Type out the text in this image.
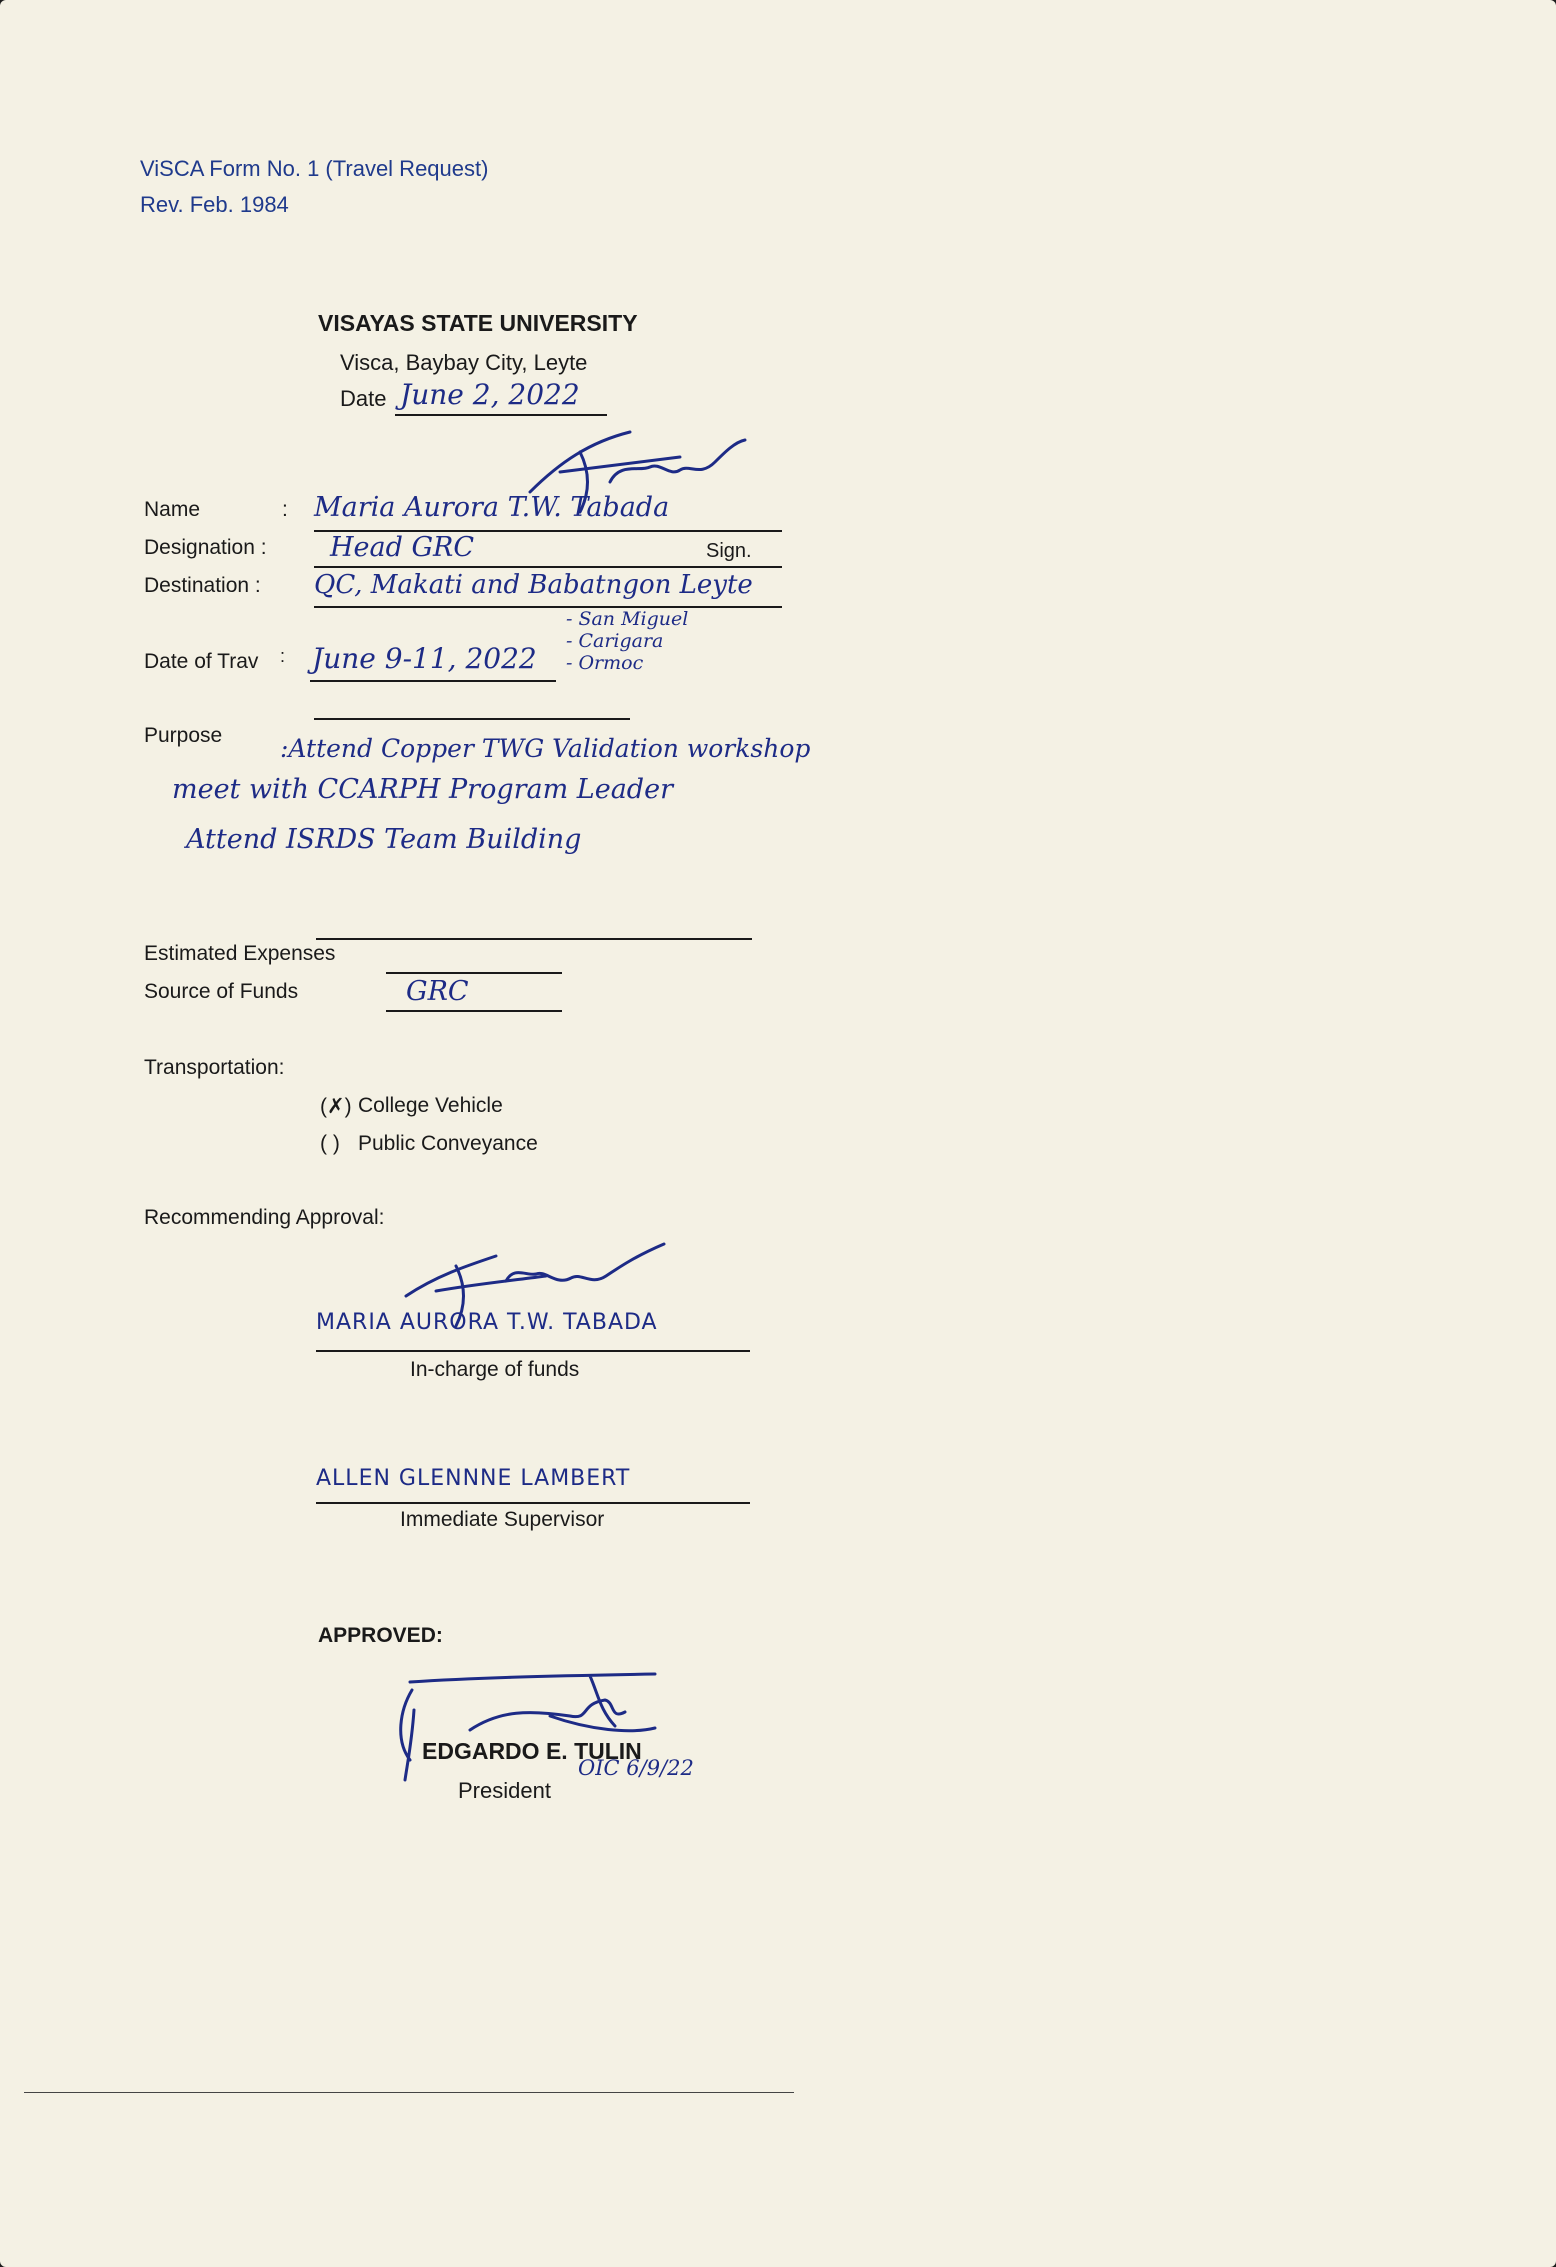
ViSCA Form No. 1 (Travel Request)
Rev. Feb. 1984
VISAYAS STATE UNIVERSITY
Visca, Baybay City, Leyte
Date June 2, 2022
Name	: Maria Aurora T.W. Tabada
Designation : Head GRC	Sign.
Destination : QC, Makati and Babatngon Leyte
- San Miguel
- Carigara
- Ormoc
Date of Trav : June 9-11, 2022
Purpose :Attend Copper TWG Validation workshop
meet with CCARPH Program Leader
Attend ISRDS Team Building
Estimated Expenses
Source of Funds	GRC
Transportation:
(✗) College Vehicle
( ) Public Conveyance
Recommending Approval:
MARIA AURORA T.W. TABADA
In-charge of funds
ALLEN GLENNNE LAMBERT
Immediate Supervisor
APPROVED:
EDGARDO E. TULIN
President
OIC 6/9/22
